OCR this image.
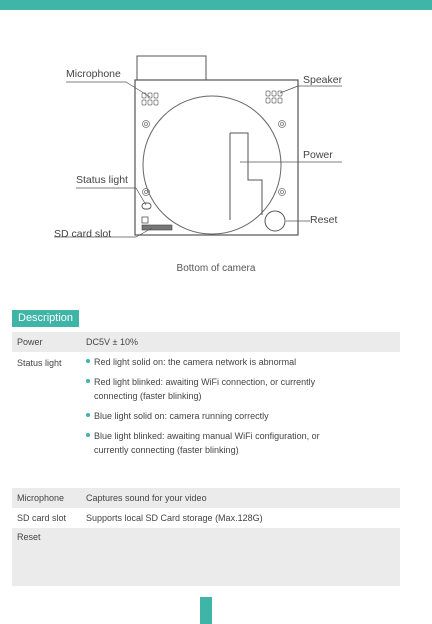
Microphone	Speaker
Power
Status light
Reset
SD card slot
Bottom of camera
Description
Power	DC5V ± 10%
Status light	Red light solid on: the camera network is abnormal
Red light blinked: awaiting WiFi connection, or currently
connecting (faster blinking)
Blue light solid on: camera running correctly
Blue light blinked: awaiting manual WiFi configuration, or
currently connecting (faster blinking)
Microphone	Captures sound for your video
SD card slot	Supports local SD Card storage (Max.128G)
Reset
